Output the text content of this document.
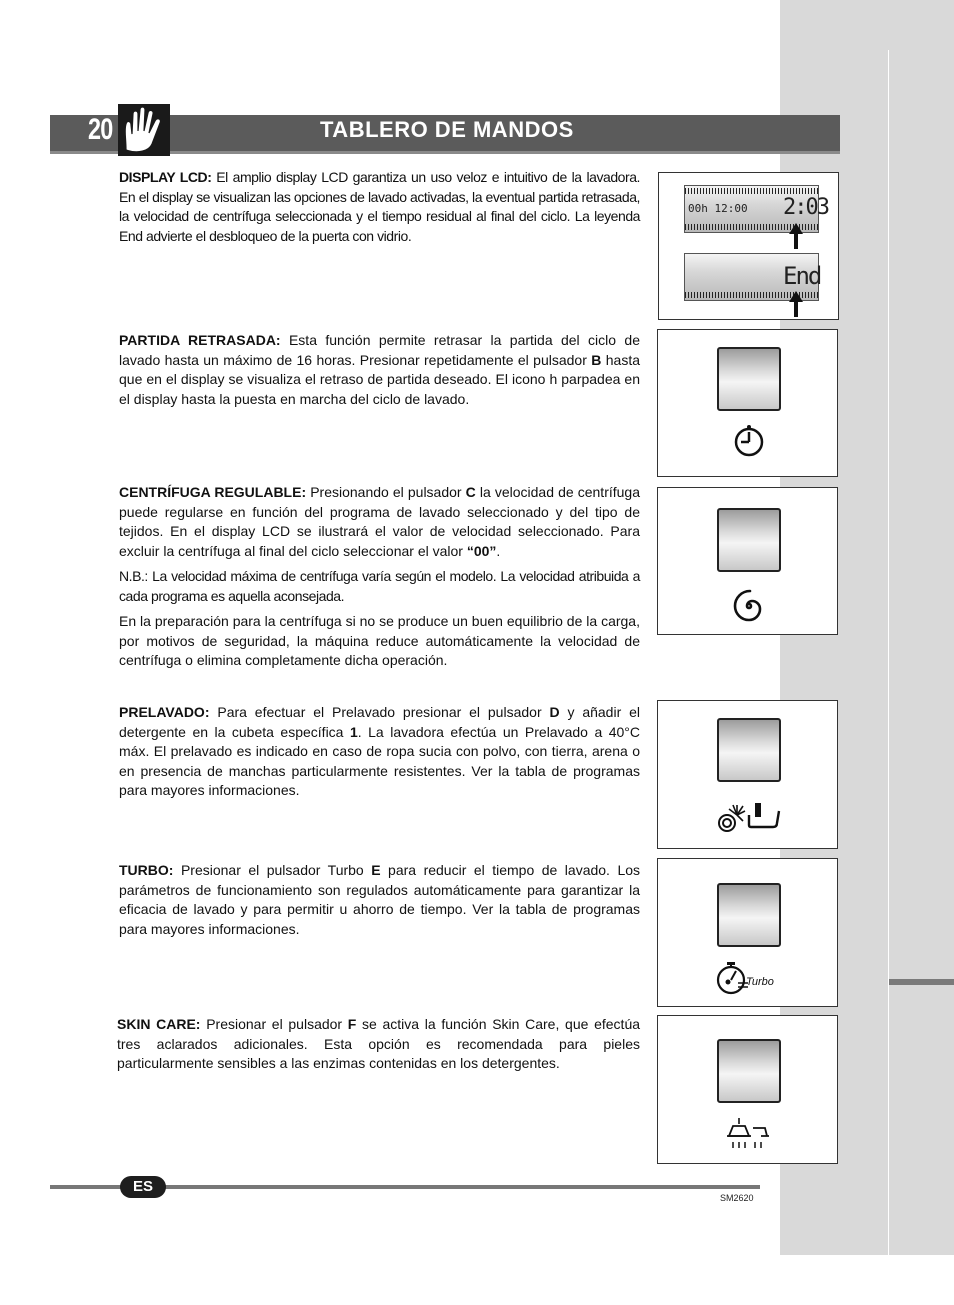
20	TABLERO DE MANDOS

DISPLAY LCD: El amplio display LCD garantiza un uso veloz e intuitivo de la lavadora. En el display se visualizan las opciones de lavado activadas, la eventual partida retrasada, la velocidad de centrífuga seleccionada y el tiempo residual al final del ciclo. La leyenda End advierte el desbloqueo de la puerta con vidrio.

PARTIDA RETRASADA: Esta función permite retrasar la partida del ciclo de lavado hasta un máximo de 16 horas. Presionar repetidamente el pulsador B hasta que en el display se visualiza el retraso de partida deseado. El icono h parpadea en el display hasta la puesta en marcha del ciclo de lavado.

CENTRÍFUGA REGULABLE: Presionando el pulsador C la velocidad de centrífuga puede regularse en función del programa de lavado seleccionado y del tipo de tejidos. En el display LCD se ilustrará el valor de velocidad seleccionado. Para excluir la centrífuga al final del ciclo seleccionar el valor “00”.

N.B.: La velocidad máxima de centrífuga varía según el modelo. La velocidad atribuida a cada programa es aquella aconsejada.

En la preparación para la centrífuga si no se produce un buen equilibrio de la carga, por motivos de seguridad, la máquina reduce automáticamente la velocidad de centrífuga o elimina completamente dicha operación.

PRELAVADO: Para efectuar el Prelavado presionar el pulsador D y añadir el detergente en la cubeta específica 1. La lavadora efectúa un Prelavado a 40°C máx. El prelavado es indicado en caso de ropa sucia con polvo, con tierra, arena o en presencia de manchas particularmente resistentes. Ver la tabla de programas para mayores informaciones.

TURBO: Presionar el pulsador Turbo E para reducir el tiempo de lavado. Los parámetros de funcionamiento son regulados automáticamente para garantizar la eficacia de lavado y para permitir u ahorro de tiempo. Ver la tabla de programas para mayores informaciones.

SKIN CARE: Presionar el pulsador F se activa la función Skin Care, que efectúa tres aclarados adicionales. Esta opción es recomendada para pieles particularmente sensibles a las enzimas contenidas en los detergentes.

00h 12:00 2:03
End
Turbo
ES
SM2620
